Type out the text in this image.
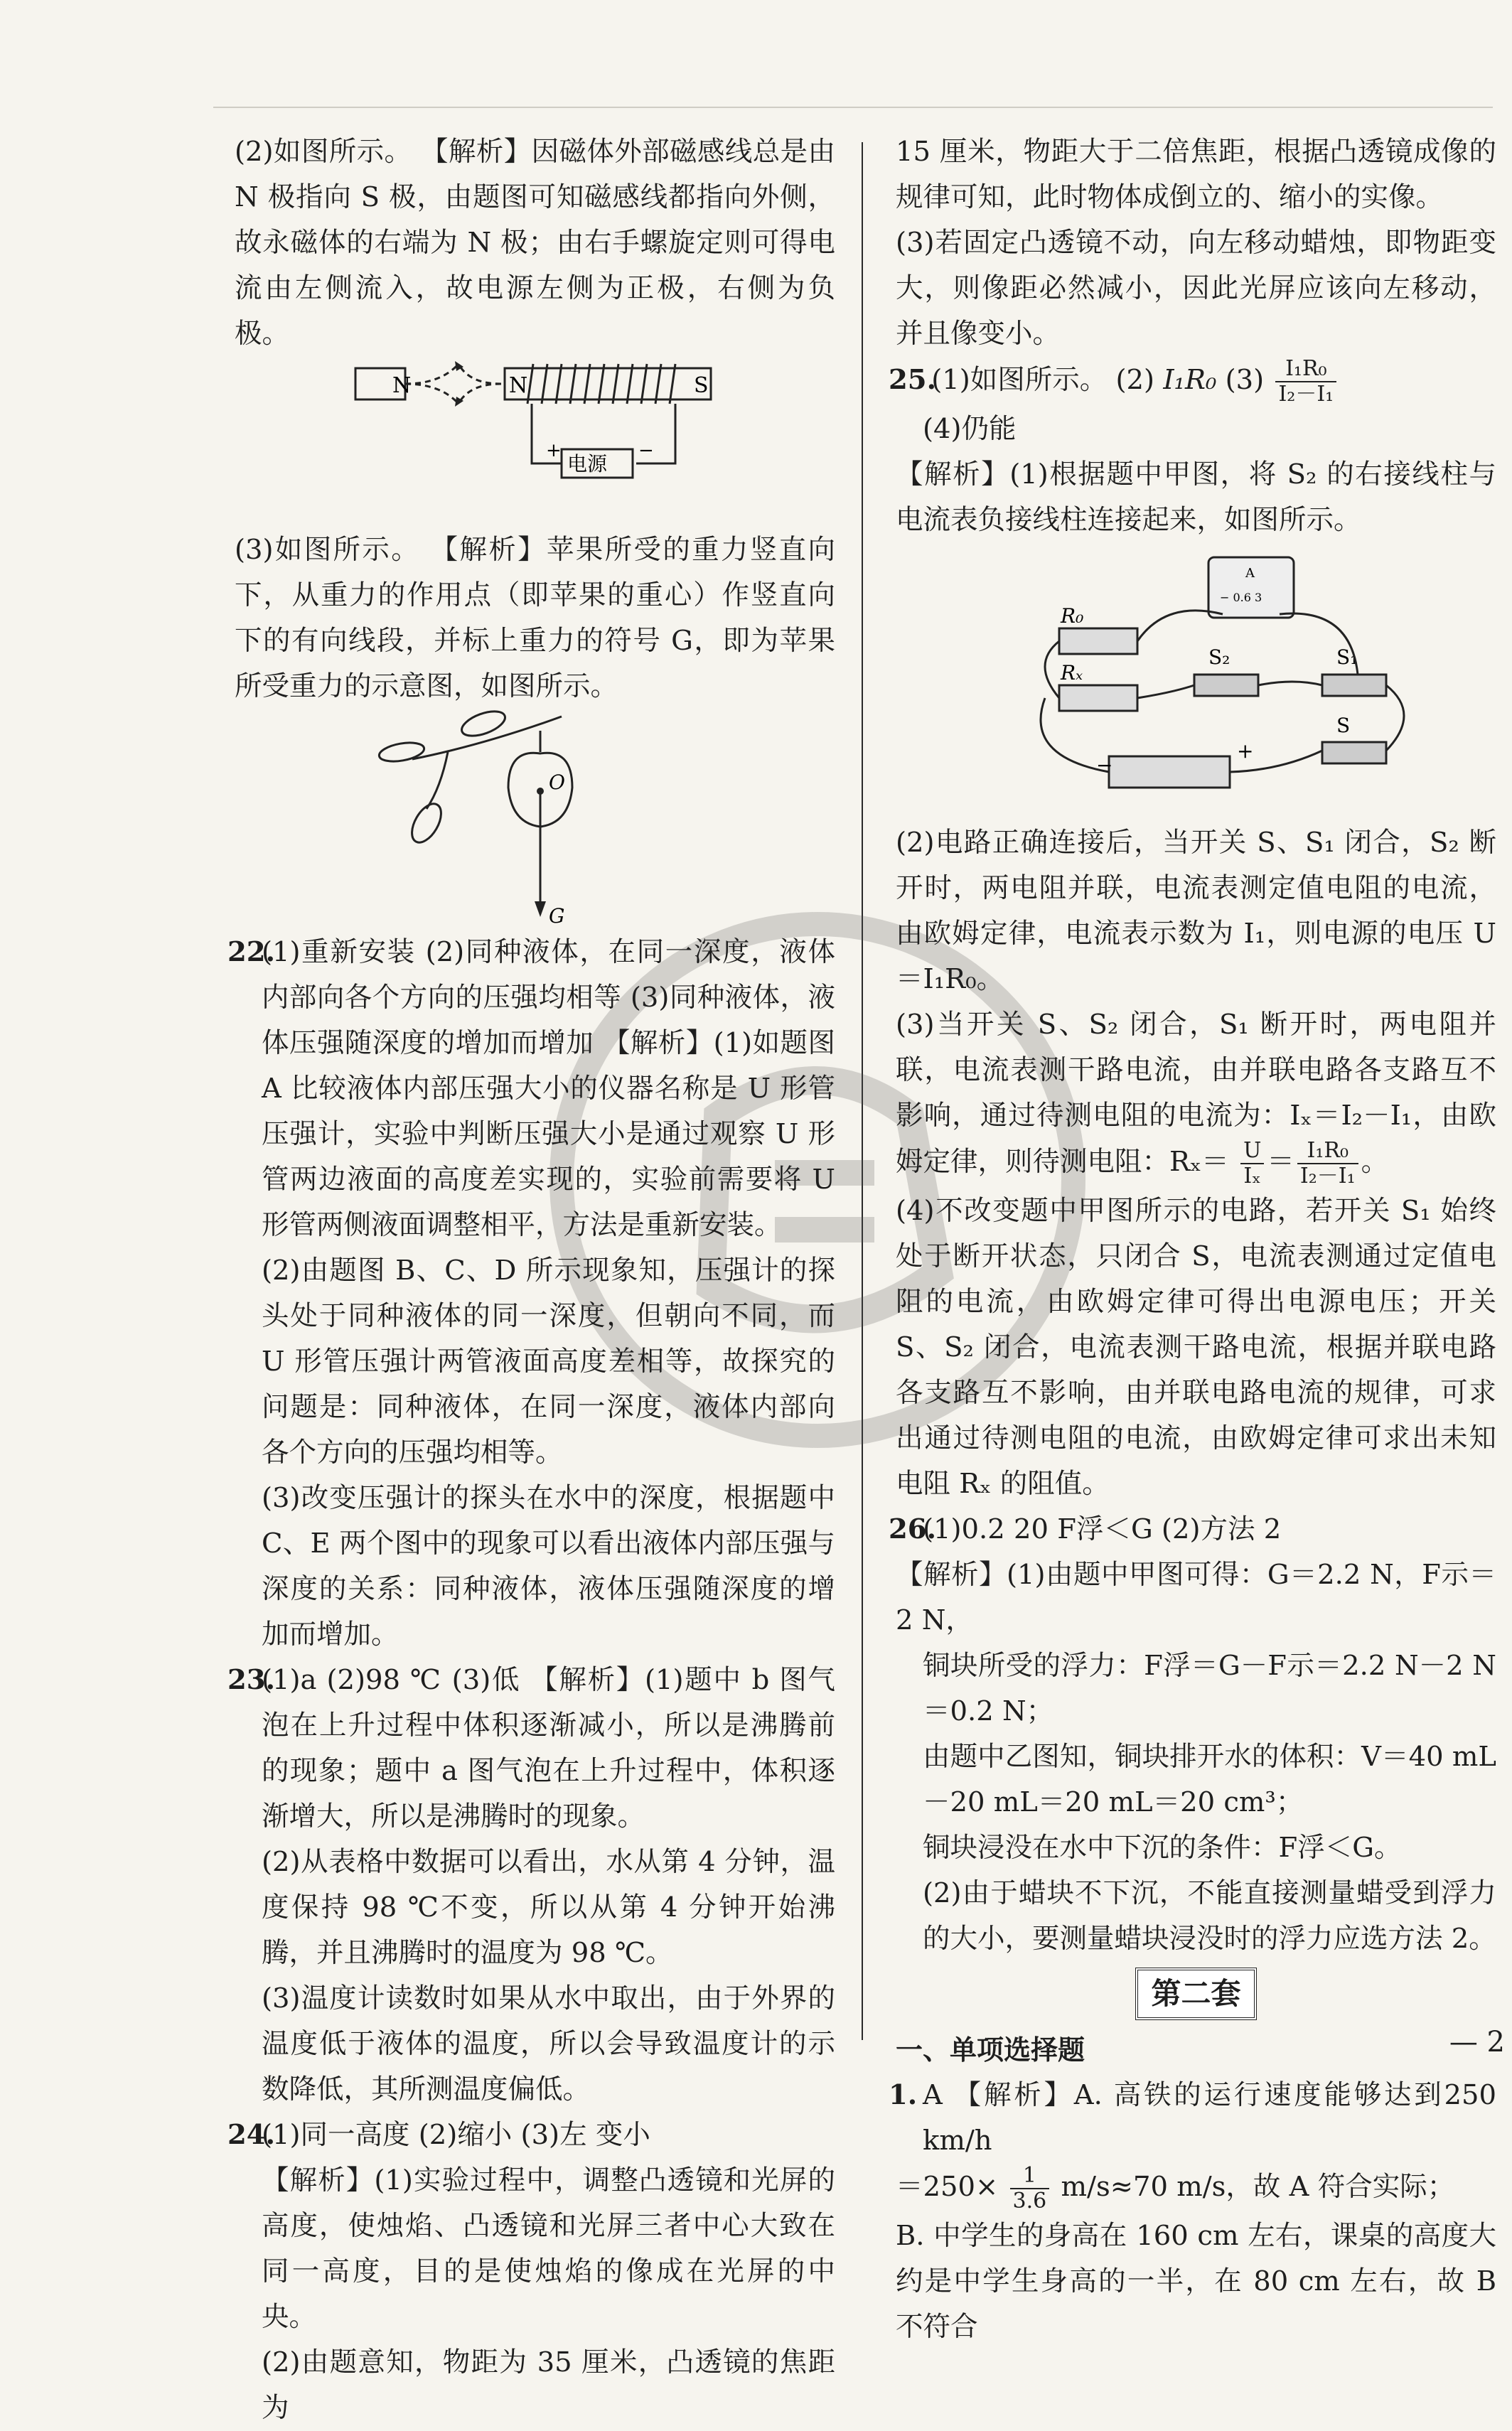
(2)如图所示。 【解析】因磁体外部磁感线总是由 N 极指向 S 极，由题图可知磁感线都指向外侧，故永磁体的右端为 N 极；由右手螺旋定则可得电流由左侧流入，故电源左侧为正极，右侧为负极。

N	N	S
电源
+	−

(3)如图所示。 【解析】苹果所受的重力竖直向下，从重力的作用点（即苹果的重心）作竖直向下的有向线段，并标上重力的符号 G，即为苹果所受重力的示意图，如图所示。

O
G

22.(1)重新安装 (2)同种液体，在同一深度，液体内部向各个方向的压强均相等 (3)同种液体，液体压强随深度的增加而增加 【解析】(1)如题图 A 比较液体内部压强大小的仪器名称是 U 形管压强计，实验中判断压强大小是通过观察 U 形管两边液面的高度差实现的，实验前需要将 U 形管两侧液面调整相平，方法是重新安装。

(2)由题图 B、C、D 所示现象知，压强计的探头处于同种液体的同一深度，但朝向不同，而 U 形管压强计两管液面高度差相等，故探究的问题是：同种液体，在同一深度，液体内部向各个方向的压强均相等。

(3)改变压强计的探头在水中的深度，根据题中 C、E 两个图中的现象可以看出液体内部压强与深度的关系：同种液体，液体压强随深度的增加而增加。

23.(1)a (2)98 ℃ (3)低 【解析】(1)题中 b 图气泡在上升过程中体积逐渐减小，所以是沸腾前的现象；题中 a 图气泡在上升过程中，体积逐渐增大，所以是沸腾时的现象。

(2)从表格中数据可以看出，水从第 4 分钟，温度保持 98 ℃不变，所以从第 4 分钟开始沸腾，并且沸腾时的温度为 98 ℃。

(3)温度计读数时如果从水中取出，由于外界的温度低于液体的温度，所以会导致温度计的示数降低，其所测温度偏低。

24.(1)同一高度 (2)缩小 (3)左 变小

【解析】(1)实验过程中，调整凸透镜和光屏的高度，使烛焰、凸透镜和光屏三者中心大致在同一高度，目的是使烛焰的像成在光屏的中央。

(2)由题意知，物距为 35 厘米，凸透镜的焦距为

15 厘米，物距大于二倍焦距，根据凸透镜成像的规律可知，此时物体成倒立的、缩小的实像。

(3)若固定凸透镜不动，向左移动蜡烛，即物距变大，则像距必然减小，因此光屏应该向左移动，并且像变小。

25. (1)如图所示。 (2) I₁R₀ $(3) \frac{\text{I₁R₀}}{\text{I₂－I₁}}$

(4)仍能

【解析】(1)根据题中甲图，将 S₂ 的右接线柱与电流表负接线柱连接起来，如图所示。

A
− 0.6 3
R₀
Rₓ
S₂	S₁
S
−
+

(2)电路正确连接后，当开关 S、S₁ 闭合，S₂ 断开时，两电阻并联，电流表测定值电阻的电流，由欧姆定律，电流表示数为 I₁，则电源的电压 U＝I₁R₀。

(3)当开关 S、S₂ 闭合，S₁ 断开时，两电阻并联，电流表测干路电流，由并联电路各支路互不影响，通过待测电阻的电流为：Iₓ＝I₂－I₁，由欧姆定律，则待测电阻：$R_x= \frac{U}{\text{Iₓ}} = \frac{\text{I₁R₀}}{\text{I₂－I₁}}$ 。

(4)不改变题中甲图所示的电路，若开关 S₁ 始终处于断开状态，只闭合 S，电流表测通过定值电阻的电流，由欧姆定律可得出电源电压；开关 S、S₂ 闭合，电流表测干路电流，根据并联电路各支路互不影响，由并联电路电流的规律，可求出通过待测电阻的电流，由欧姆定律可求出未知电阻 Rₓ 的阻值。

26.(1)0.2 20 F浮＜G (2)方法 2

【解析】(1)由题中甲图可得：G＝2.2 N，F示＝2 N，

铜块所受的浮力：F浮＝G－F示＝2.2 N－2 N＝0.2 N；

由题中乙图知，铜块排开水的体积：V＝40 mL－20 mL＝20 mL＝20 cm³；

铜块浸没在水中下沉的条件：F浮＜G。

(2)由于蜡块不下沉，不能直接测量蜡受到浮力的大小，要测量蜡块浸没时的浮力应选方法 2。

第二套

一、单项选择题

1. A 【解析】A. 高铁的运行速度能够达到250 km/h

$=250\times \frac{1}{3.6} m/s\approx 70$ m/s，故 A 符合实际；

B. 中学生的身高在 160 cm 左右，课桌的高度大约是中学生身高的一半，在 80 cm 左右，故 B 不符合

— 2
